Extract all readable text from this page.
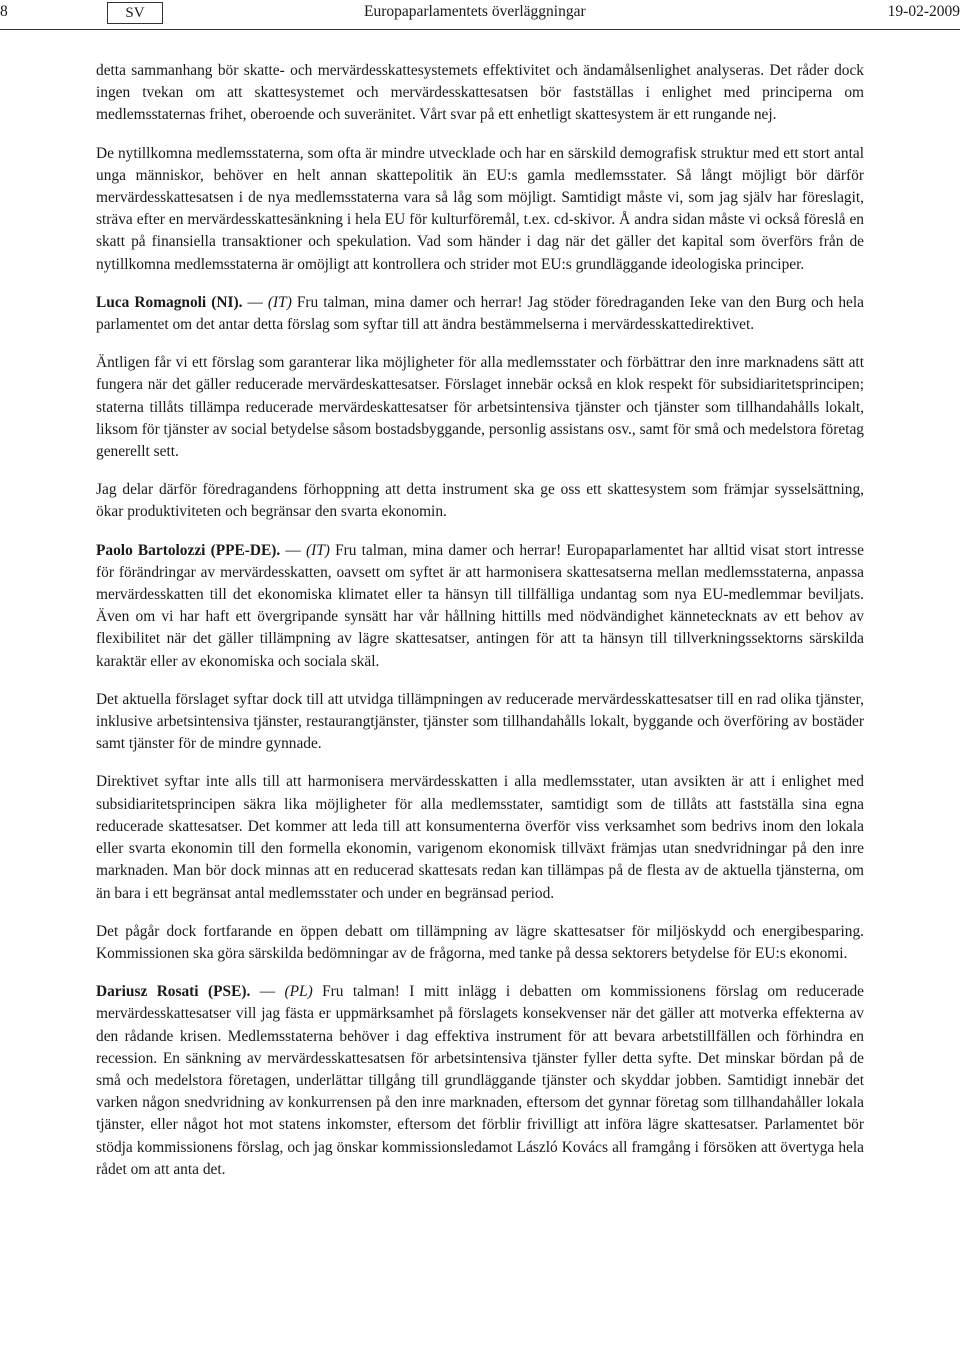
8	SV	Europaparlamentets överläggningar	19-02-2009

detta sammanhang bör skatte- och mervärdesskattesystemets effektivitet och ändamålsenlighet analyseras. Det råder dock ingen tvekan om att skattesystemet och mervärdesskattesatsen bör fastställas i enlighet med principerna om medlemsstaternas frihet, oberoende och suveränitet. Vårt svar på ett enhetligt skattesystem är ett rungande nej.

De nytillkomna medlemsstaterna, som ofta är mindre utvecklade och har en särskild demografisk struktur med ett stort antal unga människor, behöver en helt annan skattepolitik än EU:s gamla medlemsstater. Så långt möjligt bör därför mervärdesskattesatsen i de nya medlemsstaterna vara så låg som möjligt. Samtidigt måste vi, som jag själv har föreslagit, sträva efter en mervärdesskattesänkning i hela EU för kulturföremål, t.ex. cd-skivor. Å andra sidan måste vi också föreslå en skatt på finansiella transaktioner och spekulation. Vad som händer i dag när det gäller det kapital som överförs från de nytillkomna medlemsstaterna är omöjligt att kontrollera och strider mot EU:s grundläggande ideologiska principer.

Luca Romagnoli (NI). — (IT) Fru talman, mina damer och herrar! Jag stöder föredraganden Ieke van den Burg och hela parlamentet om det antar detta förslag som syftar till att ändra bestämmelserna i mervärdesskattedirektivet.

Äntligen får vi ett förslag som garanterar lika möjligheter för alla medlemsstater och förbättrar den inre marknadens sätt att fungera när det gäller reducerade mervärdeskattesatser. Förslaget innebär också en klok respekt för subsidiaritetsprincipen; staterna tillåts tillämpa reducerade mervärdeskattesatser för arbetsintensiva tjänster och tjänster som tillhandahålls lokalt, liksom för tjänster av social betydelse såsom bostadsbyggande, personlig assistans osv., samt för små och medelstora företag generellt sett.

Jag delar därför föredragandens förhoppning att detta instrument ska ge oss ett skattesystem som främjar sysselsättning, ökar produktiviteten och begränsar den svarta ekonomin.

Paolo Bartolozzi (PPE-DE). — (IT) Fru talman, mina damer och herrar! Europaparlamentet har alltid visat stort intresse för förändringar av mervärdesskatten, oavsett om syftet är att harmonisera skattesatserna mellan medlemsstaterna, anpassa mervärdesskatten till det ekonomiska klimatet eller ta hänsyn till tillfälliga undantag som nya EU-medlemmar beviljats. Även om vi har haft ett övergripande synsätt har vår hållning hittills med nödvändighet kännetecknats av ett behov av flexibilitet när det gäller tillämpning av lägre skattesatser, antingen för att ta hänsyn till tillverkningssektorns särskilda karaktär eller av ekonomiska och sociala skäl.

Det aktuella förslaget syftar dock till att utvidga tillämpningen av reducerade mervärdesskattesatser till en rad olika tjänster, inklusive arbetsintensiva tjänster, restaurangtjänster, tjänster som tillhandahålls lokalt, byggande och överföring av bostäder samt tjänster för de mindre gynnade.

Direktivet syftar inte alls till att harmonisera mervärdesskatten i alla medlemsstater, utan avsikten är att i enlighet med subsidiaritetsprincipen säkra lika möjligheter för alla medlemsstater, samtidigt som de tillåts att fastställa sina egna reducerade skattesatser. Det kommer att leda till att konsumenterna överför viss verksamhet som bedrivs inom den lokala eller svarta ekonomin till den formella ekonomin, varigenom ekonomisk tillväxt främjas utan snedvridningar på den inre marknaden. Man bör dock minnas att en reducerad skattesats redan kan tillämpas på de flesta av de aktuella tjänsterna, om än bara i ett begränsat antal medlemsstater och under en begränsad period.

Det pågår dock fortfarande en öppen debatt om tillämpning av lägre skattesatser för miljöskydd och energibesparing. Kommissionen ska göra särskilda bedömningar av de frågorna, med tanke på dessa sektorers betydelse för EU:s ekonomi.

Dariusz Rosati (PSE). — (PL) Fru talman! I mitt inlägg i debatten om kommissionens förslag om reducerade mervärdesskattesatser vill jag fästa er uppmärksamhet på förslagets konsekvenser när det gäller att motverka effekterna av den rådande krisen. Medlemsstaterna behöver i dag effektiva instrument för att bevara arbetstillfällen och förhindra en recession. En sänkning av mervärdesskattesatsen för arbetsintensiva tjänster fyller detta syfte. Det minskar bördan på de små och medelstora företagen, underlättar tillgång till grundläggande tjänster och skyddar jobben. Samtidigt innebär det varken någon snedvridning av konkurrensen på den inre marknaden, eftersom det gynnar företag som tillhandahåller lokala tjänster, eller något hot mot statens inkomster, eftersom det förblir frivilligt att införa lägre skattesatser. Parlamentet bör stödja kommissionens förslag, och jag önskar kommissionsledamot László Kovács all framgång i försöken att övertyga hela rådet om att anta det.
